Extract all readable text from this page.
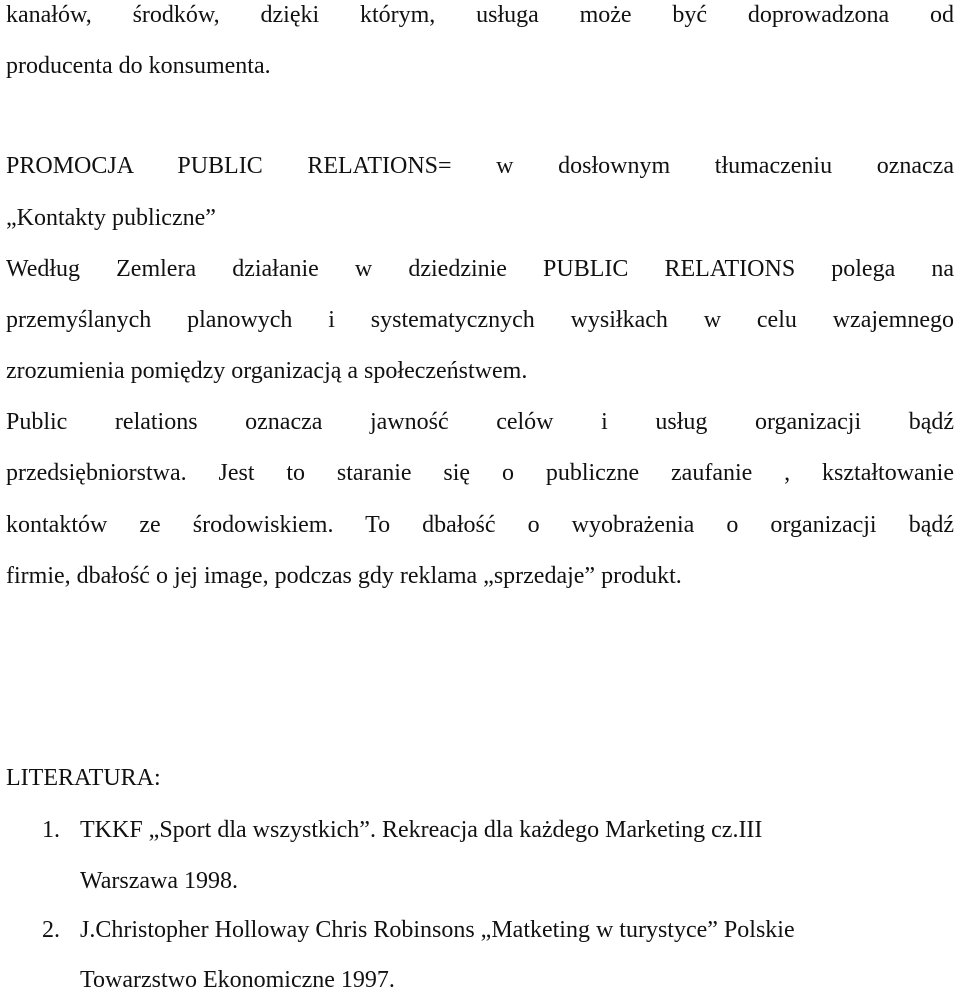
kanałów, środków, dzięki którym, usługa może być doprowadzona od
producenta do konsumenta.
PROMOCJA PUBLIC RELATIONS= w dosłownym tłumaczeniu oznacza
„Kontakty publiczne”
Według Zemlera działanie w dziedzinie PUBLIC RELATIONS polega na
przemyślanych planowych i systematycznych wysiłkach w celu wzajemnego
zrozumienia pomiędzy organizacją a społeczeństwem.
Public relations oznacza jawność celów i usług organizacji bądź
przedsiębniorstwa. Jest to staranie się o publiczne zaufanie , kształtowanie
kontaktów ze środowiskiem. To dbałość o wyobrażenia o organizacji bądź
firmie, dbałość o jej image, podczas gdy reklama „sprzedaje” produkt.
LITERATURA:
1. TKKF „Sport dla wszystkich”. Rekreacja dla każdego Marketing cz.III
Warszawa 1998.
2. J.Christopher Holloway Chris Robinsons „Matketing w turystyce” Polskie
Towarzstwo Ekonomiczne 1997.
